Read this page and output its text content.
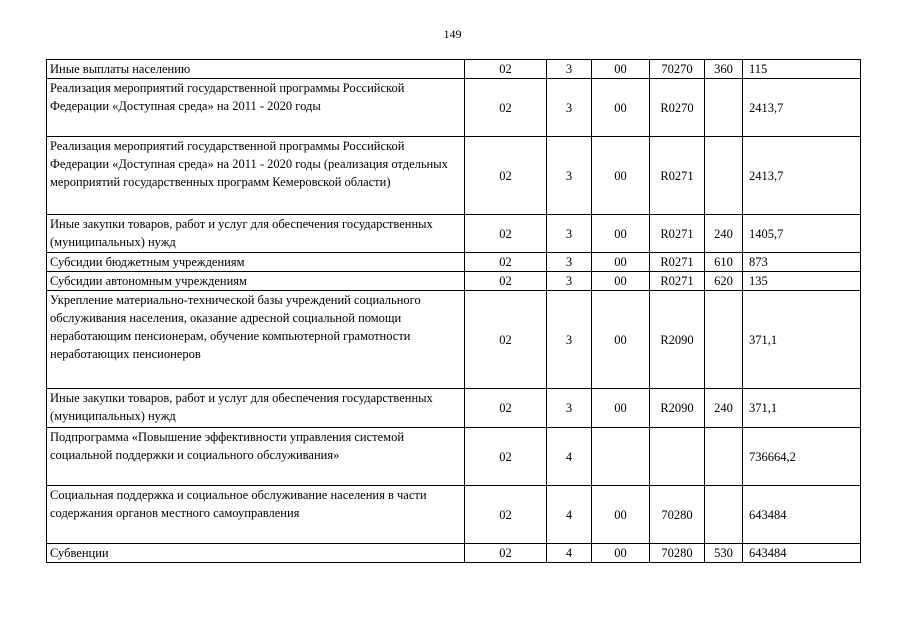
149
Иные выплаты населению	02	3	00	70270	360	115
Реализация мероприятий государственной программы Российской Федерации «Доступная среда» на 2011 - 2020 годы	02	3	00	R0270		2413,7
Реализация мероприятий государственной программы Российской Федерации «Доступная среда» на 2011 - 2020 годы (реализация отдельных мероприятий государственных программ Кемеровской области)	02	3	00	R0271		2413,7
Иные закупки товаров, работ и услуг для обеспечения государственных (муниципальных) нужд	02	3	00	R0271	240	1405,7
Субсидии бюджетным учреждениям	02	3	00	R0271	610	873
Субсидии автономным учреждениям	02	3	00	R0271	620	135
Укрепление материально-технической базы учреждений социального обслуживания населения, оказание адресной социальной помощи неработающим пенсионерам, обучение компьютерной грамотности неработающих пенсионеров	02	3	00	R2090		371,1
Иные закупки товаров, работ и услуг для обеспечения государственных (муниципальных) нужд	02	3	00	R2090	240	371,1
Подпрограмма «Повышение эффективности управления системой социальной поддержки и социального обслуживания»	02	4				736664,2
Социальная поддержка и социальное обслуживание населения в части содержания органов местного самоуправления	02	4	00	70280		643484
Субвенции	02	4	00	70280	530	643484
